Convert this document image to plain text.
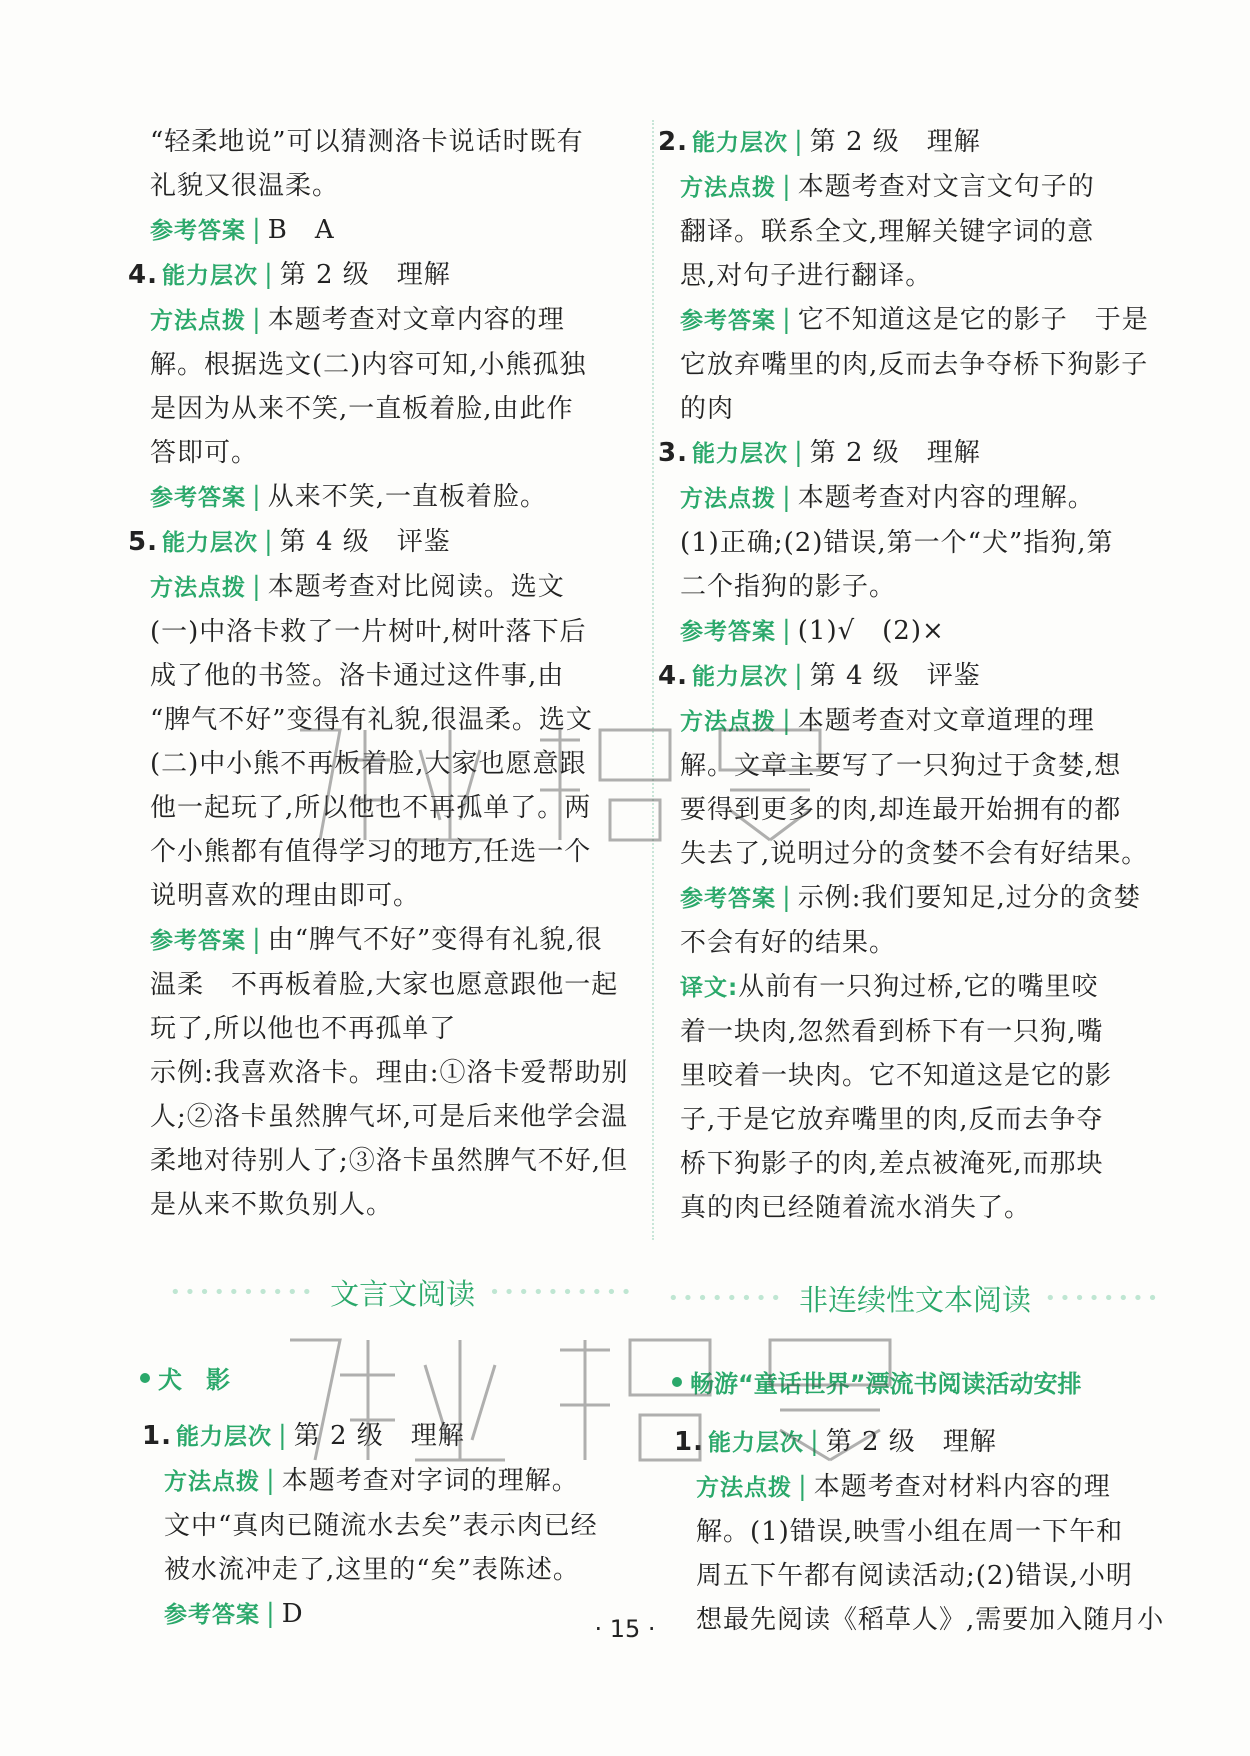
“轻柔地说”可以猜测洛卡说话时既有

礼貌又很温柔。

参考答案 | B　A

4. 能力层次 | 第 2 级　理解

方法点拨 | 本题考查对文章内容的理

解。根据选文(二)内容可知,小熊孤独

是因为从来不笑,一直板着脸,由此作

答即可。

参考答案 | 从来不笑,一直板着脸。

5. 能力层次 | 第 4 级　评鉴

方法点拨 | 本题考查对比阅读。选文

(一)中洛卡救了一片树叶,树叶落下后

成了他的书签。洛卡通过这件事,由

“脾气不好”变得有礼貌,很温柔。选文

(二)中小熊不再板着脸,大家也愿意跟

他一起玩了,所以他也不再孤单了。两

个小熊都有值得学习的地方,任选一个

说明喜欢的理由即可。

参考答案 | 由“脾气不好”变得有礼貌,很

温柔　不再板着脸,大家也愿意跟他一起

玩了,所以他也不再孤单了

示例:我喜欢洛卡。理由:①洛卡爱帮助别

人;②洛卡虽然脾气坏,可是后来他学会温

柔地对待别人了;③洛卡虽然脾气不好,但

是从来不欺负别人。

2. 能力层次 | 第 2 级　理解

方法点拨 | 本题考查对文言文句子的

翻译。联系全文,理解关键字词的意

思,对句子进行翻译。

参考答案 | 它不知道这是它的影子　于是

它放弃嘴里的肉,反而去争夺桥下狗影子

的肉

3. 能力层次 | 第 2 级　理解

方法点拨 | 本题考查对内容的理解。

(1)正确;(2)错误,第一个“犬”指狗,第

二个指狗的影子。

参考答案 | (1)√　(2)×

4. 能力层次 | 第 4 级　评鉴

方法点拨 | 本题考查对文章道理的理

解。文章主要写了一只狗过于贪婪,想

要得到更多的肉,却连最开始拥有的都

失去了,说明过分的贪婪不会有好结果。

参考答案 | 示例:我们要知足,过分的贪婪

不会有好的结果。

译文:从前有一只狗过桥,它的嘴里咬

着一块肉,忽然看到桥下有一只狗,嘴

里咬着一块肉。它不知道这是它的影

子,于是它放弃嘴里的肉,反而去争夺

桥下狗影子的肉,差点被淹死,而那块

真的肉已经随着流水消失了。

•••••••••• 文言文阅读 •••••••••• •••••••• 非连续性文本阅读 ••••••••
犬　影	畅游“童话世界”漂流书阅读活动安排

1. 能力层次 | 第 2 级　理解

方法点拨 | 本题考查对字词的理解。

文中“真肉已随流水去矣”表示肉已经

被水流冲走了,这里的“矣”表陈述。

参考答案 | D

1. 能力层次 | 第 2 级　理解

方法点拨 | 本题考查对材料内容的理

解。(1)错误,映雪小组在周一下午和

周五下午都有阅读活动;(2)错误,小明

想最先阅读《稻草人》,需要加入随月小

· 15 ·
